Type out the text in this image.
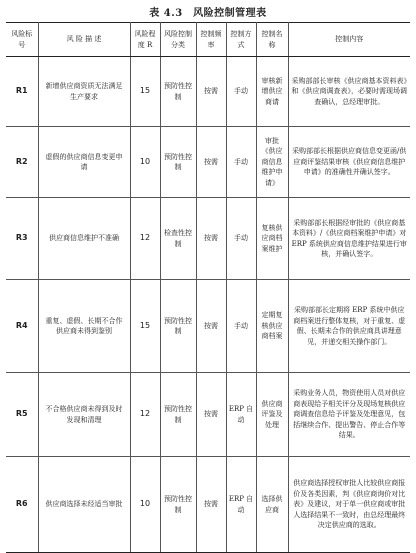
表 4.3　风险控制管理表
风险标号	风 险 描 述	风险程度 R	风险控制分类	控制频率	控制方式	控制名称	控制内容
R1	新增供应商资质无法满足生产要求	15	预防性控制	按需	手动	审核新增供应商请	采购部部长审核《供应商基本资料表》和《供应商调查表》，必要时需现场调查确认，总经理审批。
R2	虚假的供应商信息变更申请	10	预防性控制	按需	手动	审批《供应商信息维护申请》	采购部部长根据供应商信息变更函/供应商评鉴结果审核《供应商信息维护申请》的准确性并确认签字。
R3	供应商信息维护不准确	12	检查性控制	按需	手动	复核供应商档案维护	采购部部长根据经审批的《供应商基本资料》/《供应商档案维护申请》对 ERP 系统供应商信息维护结果进行审核，并确认签字。
R4	重复、虚假、长期不合作供应商未得到鉴别	15	预防性控制	按需	手动	定期复核供应商档案	采购部部长定期将 ERP 系统中供应商档案进行整体复核，对于重复、虚假、长期未合作的供应商具讲理意见，并递交相关操作部门。
R5	不合格供应商未得到及时发现和清理	12	预防性控制	按需	ERP 自动	供应商评鉴及处理	采购业务人员，物资使用人员对供应商表现给予相关评分及现场复核供应商调查信息给予评鉴及处理意见，包括继续合作、提出警告、停止合作等结果。
R6	供应商选择未经适当审批	10	预防性控制	按需	ERP 自动	选择供应商	供应商选择授权审批人比较供应商报价及各类因素，判《供应商询价对比表》及建议，对于单一供应商或审批人选择结果不一致时，由总经理最终决定供应商的选取。
